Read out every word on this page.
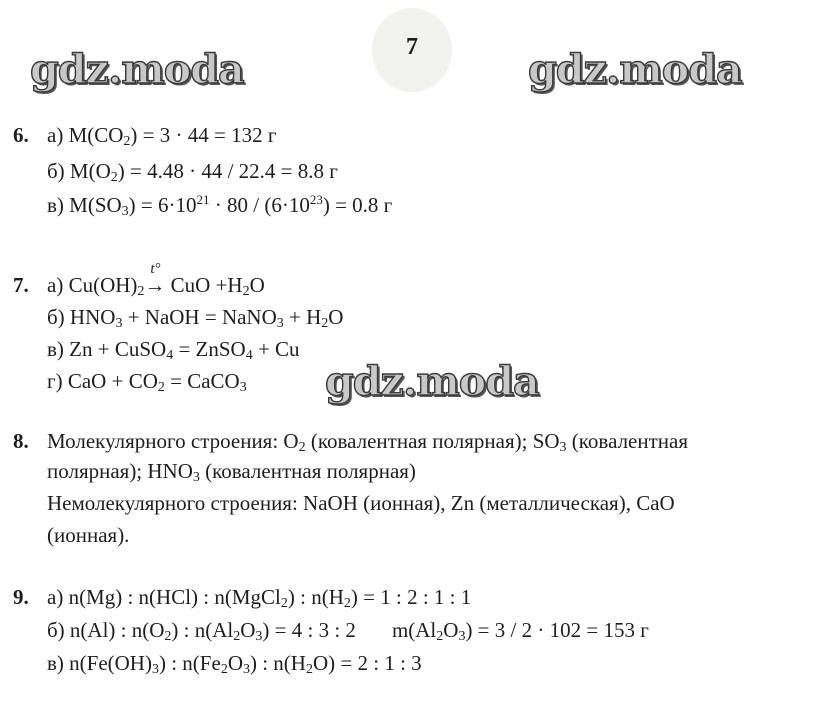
7
gdz.moda	gdz.moda
6. а) $M(CO_2) = 3 \cdot 44 = 132$ г
б) $M(O_2) = 4.48 \cdot 44 / 22.4 = 8.8$ г
в) $M(SO_3) = 6\cdot 10^{21} \cdot 80 / (6\cdot 10^{23}) = 0.8$ г
7. а) $Cu(OH)_2$
t°
→ CuO $+H_2O$
б) $HNO_3$ + NaOH = NaNO$_3$ + $H_2O$
в) Zn + CuSO$_4$ = ZnSO$_4$ + Cu
г) CaO + $CO_2$ = CaCO$_3$ gdz.moda
8. Молекулярного строения: $O_2$ (ковалентная полярная); $SO_3$ (ковалентная
полярная); $HNO_3$ (ковалентная полярная)
Немолекулярного строения: NaOH (ионная), Zn (металлическая), CaO
(ионная).
9. а) n(Mg) : n(HCl) : n(MgCl$_2$) : $n(H_2) = 1$ : 2 : 1 : 1
б) n(Al) : $n(O_2)$ : $n(Al_2O_3) = 4$ : 3 : 2 $m(Al_2O_3) = 3 / 2 \cdot 102 = 153$ г
в) $n(Fe(OH)_3)$ : $n(Fe_2O_3)$ : $n(H_2O) = 2$ : 1 : 3
